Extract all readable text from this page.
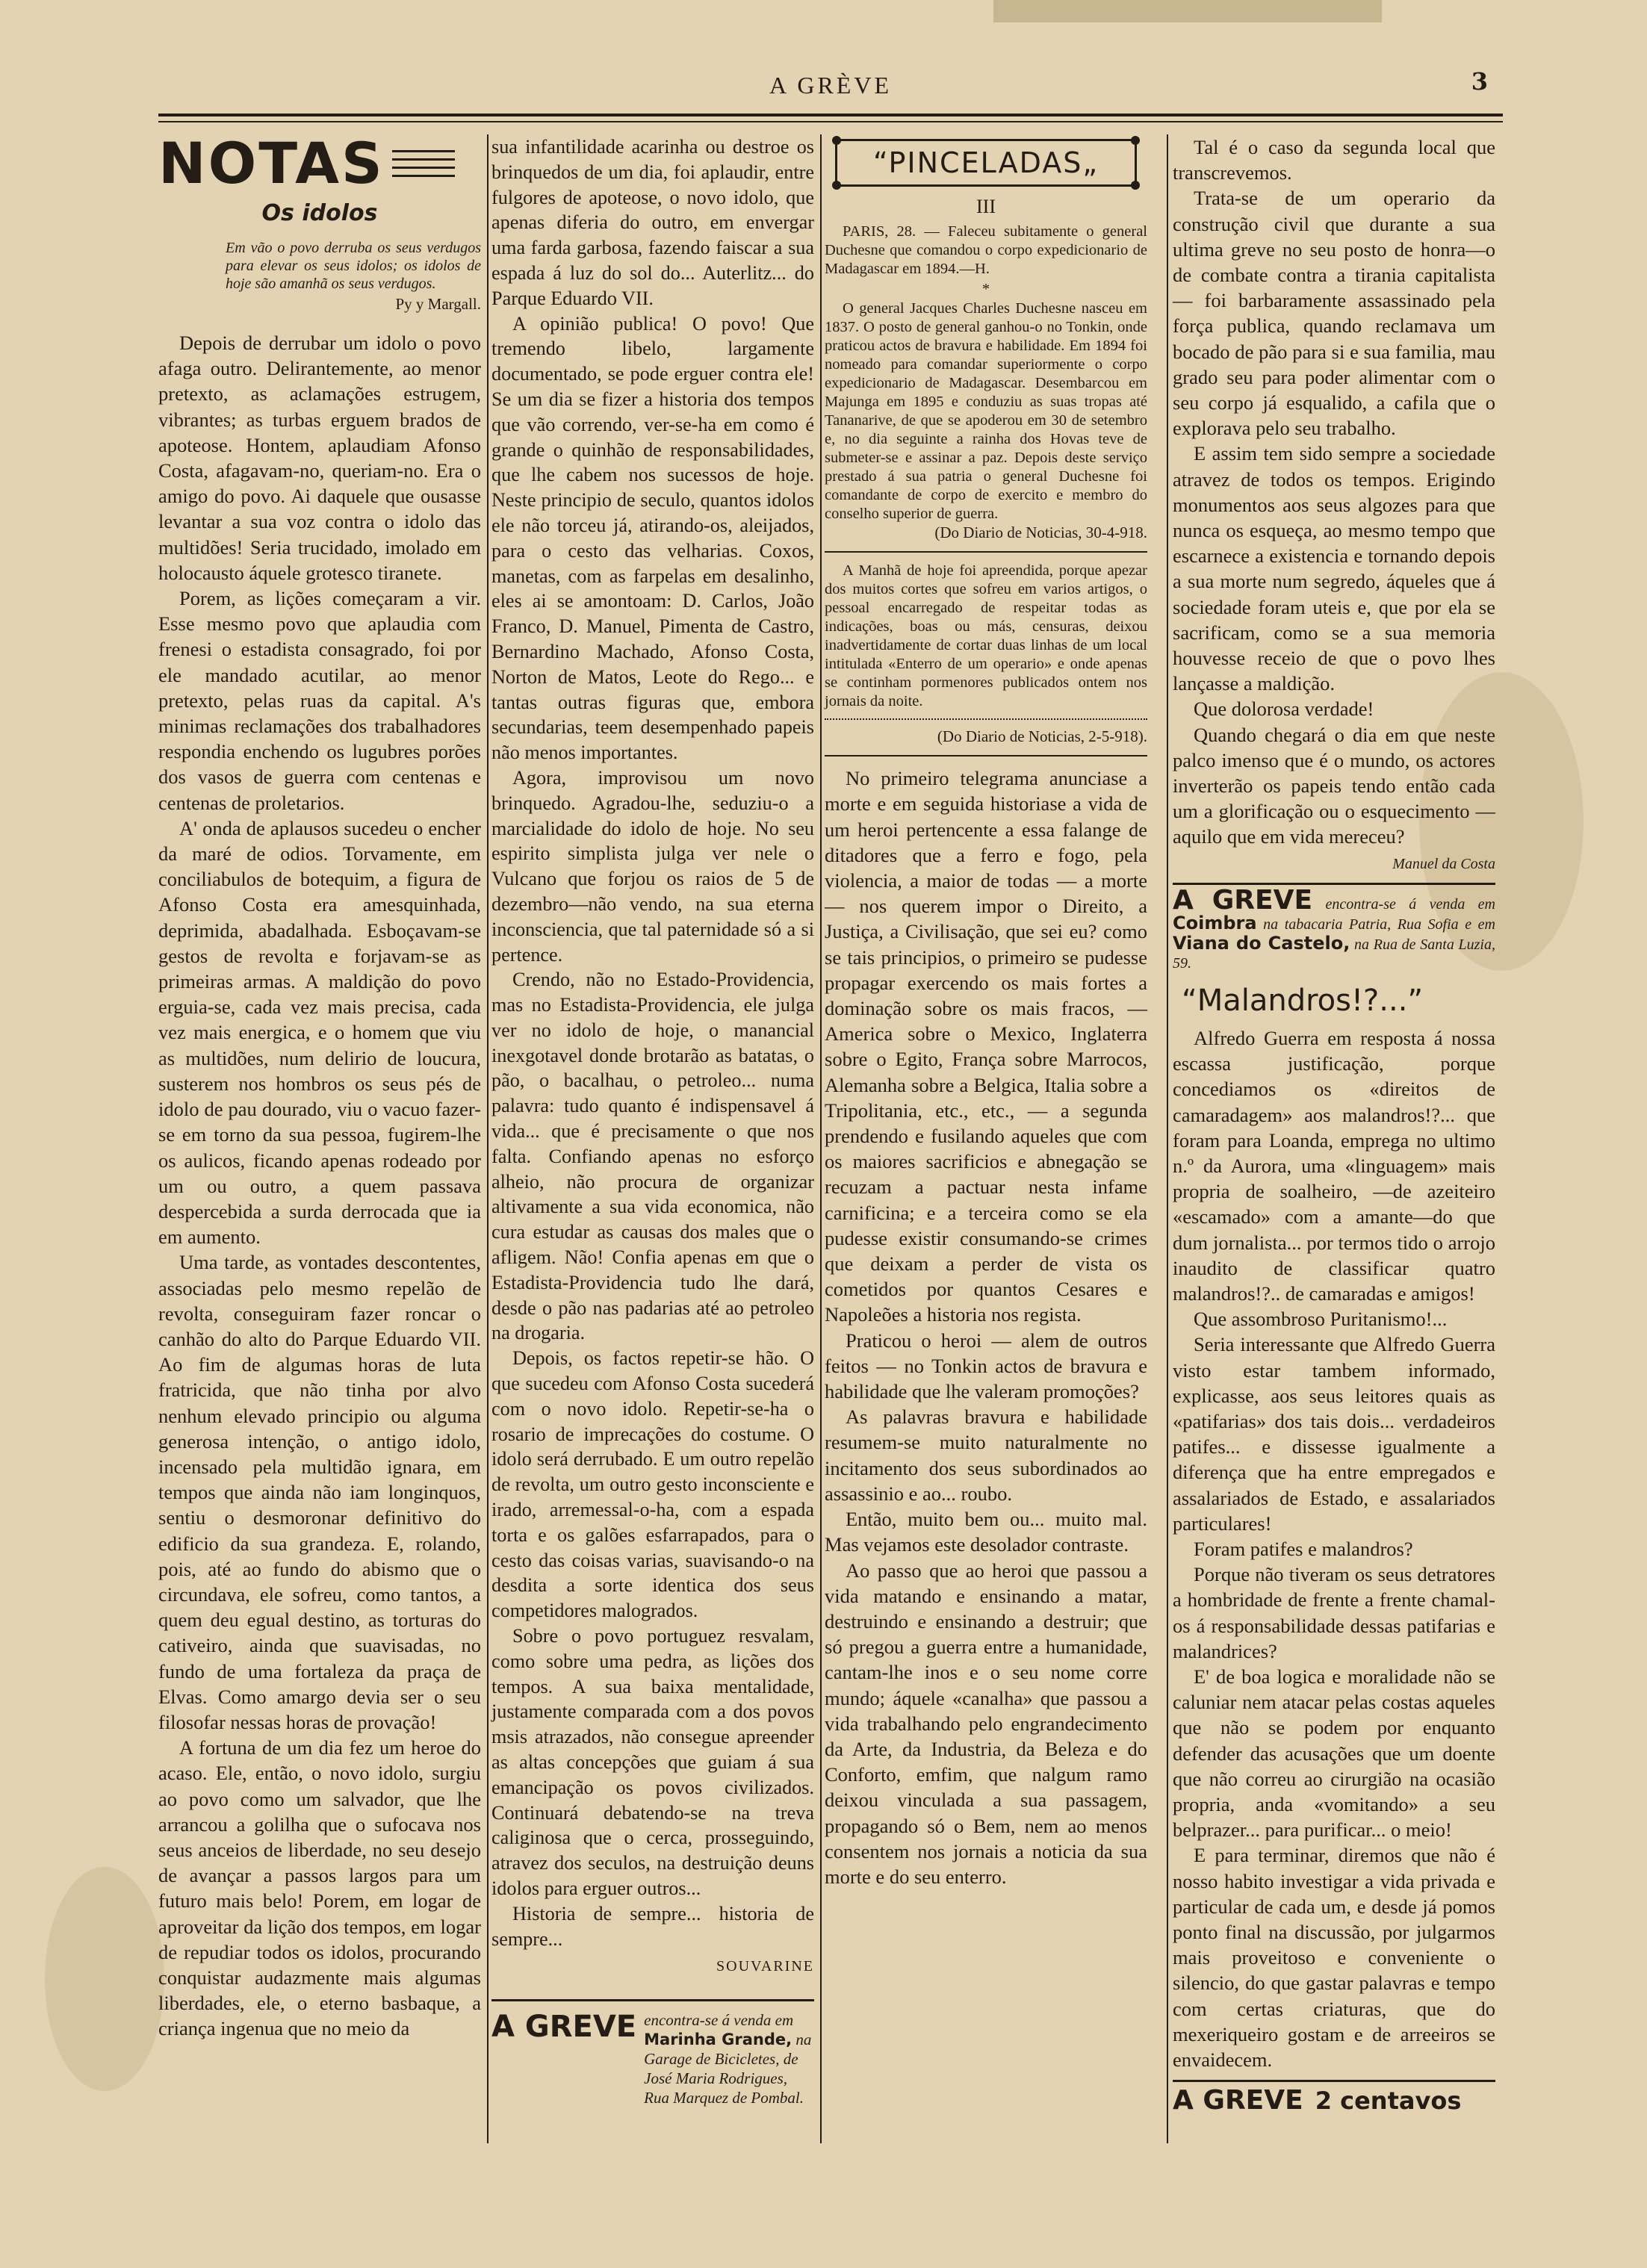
A GRÈVE	3
NOTAS
Os idolos

Em vão o povo derruba os seus verdugos para elevar os seus idolos; os idolos de hoje são amanhã os seus verdugos.

Py y Margall.

Depois de derrubar um idolo o povo afaga outro. Delirantemente, ao menor pretexto, as aclamações estrugem, vibrantes; as turbas erguem brados de apoteose. Hontem, aplaudiam Afonso Costa, afagavam-no, queriam-no. Era o amigo do povo. Ai daquele que ousasse levantar a sua voz contra o idolo das multidões! Seria trucidado, imolado em holocausto áquele grotesco tiranete.

Porem, as lições começaram a vir. Esse mesmo povo que aplaudia com frenesi o estadista consagrado, foi por ele mandado acutilar, ao menor pretexto, pelas ruas da capital. A's minimas reclamações dos trabalhadores respondia enchendo os lugubres porões dos vasos de guerra com centenas e centenas de proletarios.

A' onda de aplausos sucedeu o encher da maré de odios. Torvamente, em conciliabulos de botequim, a figura de Afonso Costa era amesquinhada, deprimida, abadalhada. Esboçavam-se gestos de revolta e forjavam-se as primeiras armas. A maldição do povo erguia-se, cada vez mais precisa, cada vez mais energica, e o homem que viu as multidões, num delirio de loucura, susterem nos hombros os seus pés de idolo de pau dourado, viu o vacuo fazer-se em torno da sua pessoa, fugirem-lhe os aulicos, ficando apenas rodeado por um ou outro, a quem passava despercebida a surda derrocada que ia em aumento.

Uma tarde, as vontades descontentes, associadas pelo mesmo repelão de revolta, conseguiram fazer roncar o canhão do alto do Parque Eduardo VII. Ao fim de algumas horas de luta fratricida, que não tinha por alvo nenhum elevado principio ou alguma generosa intenção, o antigo idolo, incensado pela multidão ignara, em tempos que ainda não iam longinquos, sentiu o desmoronar definitivo do edificio da sua grandeza. E, rolando, pois, até ao fundo do abismo que o circundava, ele sofreu, como tantos, a quem deu egual destino, as torturas do cativeiro, ainda que suavisadas, no fundo de uma fortaleza da praça de Elvas. Como amargo devia ser o seu filosofar nessas horas de provação!

A fortuna de um dia fez um heroe do acaso. Ele, então, o novo idolo, surgiu ao povo como um salvador, que lhe arrancou a golilha que o sufocava nos seus anceios de liberdade, no seu desejo de avançar a passos largos para um futuro mais belo! Porem, em logar de aproveitar da lição dos tempos, em logar de repudiar todos os idolos, procurando conquistar audazmente mais algumas liberdades, ele, o eterno basbaque, a criança ingenua que no meio da

sua infantilidade acarinha ou destroe os brinquedos de um dia, foi aplaudir, entre fulgores de apoteose, o novo idolo, que apenas diferia do outro, em envergar uma farda garbosa, fazendo faiscar a sua espada á luz do sol do... Auterlitz... do Parque Eduardo VII.

A opinião publica! O povo! Que tremendo libelo, largamente documentado, se pode erguer contra ele! Se um dia se fizer a historia dos tempos que vão correndo, ver-se-ha em como é grande o quinhão de responsabilidades, que lhe cabem nos sucessos de hoje. Neste principio de seculo, quantos idolos ele não torceu já, atirando-os, aleijados, para o cesto das velharias. Coxos, manetas, com as farpelas em desalinho, eles ai se amontoam: D. Carlos, João Franco, D. Manuel, Pimenta de Castro, Bernardino Machado, Afonso Costa, Norton de Matos, Leote do Rego... e tantas outras figuras que, embora secundarias, teem desempenhado papeis não menos importantes.

Agora, improvisou um novo brinquedo. Agradou-lhe, seduziu-o a marcialidade do idolo de hoje. No seu espirito simplista julga ver nele o Vulcano que forjou os raios de 5 de dezembro—não vendo, na sua eterna inconsciencia, que tal paternidade só a si pertence.

Crendo, não no Estado-Providencia, mas no Estadista-Providencia, ele julga ver no idolo de hoje, o manancial inexgotavel donde brotarão as batatas, o pão, o bacalhau, o petroleo... numa palavra: tudo quanto é indispensavel á vida... que é precisamente o que nos falta. Confiando apenas no esforço alheio, não procura de organizar altivamente a sua vida economica, não cura estudar as causas dos males que o afligem. Não! Confia apenas em que o Estadista-Providencia tudo lhe dará, desde o pão nas padarias até ao petroleo na drogaria.

Depois, os factos repetir-se hão. O que sucedeu com Afonso Costa sucederá com o novo idolo. Repetir-se-ha o rosario de imprecações do costume. O idolo será derrubado. E um outro repelão de revolta, um outro gesto inconsciente e irado, arremessal-o-ha, com a espada torta e os galões esfarrapados, para o cesto das coisas varias, suavisando-o na desdita a sorte identica dos seus competidores malogrados.

Sobre o povo portuguez resvalam, como sobre uma pedra, as lições dos tempos. A sua baixa mentalidade, justamente comparada com a dos povos msis atrazados, não consegue apreender as altas concepções que guiam á sua emancipação os povos civilizados. Continuará debatendo-se na treva caliginosa que o cerca, prosseguindo, atravez dos seculos, na destruição deuns idolos para erguer outros...

Historia de sempre... historia de sempre...

SOUVARINE

A GREVE encontra-se á venda em Marinha Grande, na Garage de Bicicletes, de José Maria Rodrigues, Rua Marquez de Pombal.
“PINCELADAS„

III

PARIS, 28. — Faleceu subitamente o general Duchesne que comandou o corpo expedicionario de Madagascar em 1894.—H.

*

O general Jacques Charles Duchesne nasceu em 1837. O posto de general ganhou-o no Tonkin, onde praticou actos de bravura e habilidade. Em 1894 foi nomeado para comandar superiormente o corpo expedicionario de Madagascar. Desembarcou em Majunga em 1895 e conduziu as suas tropas até Tananarive, de que se apoderou em 30 de setembro e, no dia seguinte a rainha dos Hovas teve de submeter-se e assinar a paz. Depois deste serviço prestado á sua patria o general Duchesne foi comandante de corpo de exercito e membro do conselho superior de guerra.

(Do Diario de Noticias, 30-4-918.

A Manhã de hoje foi apreendida, porque apezar dos muitos cortes que sofreu em varios artigos, o pessoal encarregado de respeitar todas as indicações, boas ou más, censuras, deixou inadvertidamente de cortar duas linhas de um local intitulada «Enterro de um operario» e onde apenas se continham pormenores publicados ontem nos jornais da noite.

(Do Diario de Noticias, 2-5-918).

No primeiro telegrama anunciase a morte e em seguida historiase a vida de um heroi pertencente a essa falange de ditadores que a ferro e fogo, pela violencia, a maior de todas — a morte — nos querem impor o Direito, a Justiça, a Civilisação, que sei eu? como se tais principios, o primeiro se pudesse propagar exercendo os mais fortes a dominação sobre os mais fracos, — America sobre o Mexico, Inglaterra sobre o Egito, França sobre Marrocos, Alemanha sobre a Belgica, Italia sobre a Tripolitania, etc., etc., — a segunda prendendo e fusilando aqueles que com os maiores sacrificios e abnegação se recuzam a pactuar nesta infame carnificina; e a terceira como se ela pudesse existir consumando-se crimes que deixam a perder de vista os cometidos por quantos Cesares e Napoleões a historia nos regista.

Praticou o heroi — alem de outros feitos — no Tonkin actos de bravura e habilidade que lhe valeram promoções?

As palavras bravura e habilidade resumem-se muito naturalmente no incitamento dos seus subordinados ao assassinio e ao... roubo.

Então, muito bem ou... muito mal. Mas vejamos este desolador contraste.

Ao passo que ao heroi que passou a vida matando e ensinando a matar, destruindo e ensinando a destruir; que só pregou a guerra entre a humanidade, cantam-lhe inos e o seu nome corre mundo; áquele «canalha» que passou a vida trabalhando pelo engrandecimento da Arte, da Industria, da Beleza e do Conforto, emfim, que nalgum ramo deixou vinculada a sua passagem, propagando só o Bem, nem ao menos consentem nos jornais a noticia da sua morte e do seu enterro.

Tal é o caso da segunda local que transcrevemos.

Trata-se de um operario da construção civil que durante a sua ultima greve no seu posto de honra—o de combate contra a tirania capitalista — foi barbaramente assassinado pela força publica, quando reclamava um bocado de pão para si e sua familia, mau grado seu para poder alimentar com o seu corpo já esqualido, a cafila que o explorava pelo seu trabalho.

E assim tem sido sempre a sociedade atravez de todos os tempos. Erigindo monumentos aos seus algozes para que nunca os esqueça, ao mesmo tempo que escarnece a existencia e tornando depois a sua morte num segredo, áqueles que á sociedade foram uteis e, que por ela se sacrificam, como se a sua memoria houvesse receio de que o povo lhes lançasse a maldição.

Que dolorosa verdade!

Quando chegará o dia em que neste palco imenso que é o mundo, os actores inverterão os papeis tendo então cada um a glorificação ou o esquecimento — aquilo que em vida mereceu?

Manuel da Costa

A GREVE encontra-se á venda em Coimbra na tabacaria Patria, Rua Sofia e em Viana do Castelo, na Rua de Santa Luzia, 59.

“Malandros!?...”

Alfredo Guerra em resposta á nossa escassa justificação, porque concediamos os «direitos de camaradagem» aos malandros!?... que foram para Loanda, emprega no ultimo n.º da Aurora, uma «linguagem» mais propria de soalheiro, —de azeiteiro «escamado» com a amante—do que dum jornalista... por termos tido o arrojo inaudito de classificar quatro malandros!?.. de camaradas e amigos!

Que assombroso Puritanismo!...

Seria interessante que Alfredo Guerra visto estar tambem informado, explicasse, aos seus leitores quais as «patifarias» dos tais dois... verdadeiros patifes... e dissesse igualmente a diferença que ha entre empregados e assalariados de Estado, e assalariados particulares!

Foram patifes e malandros?

Porque não tiveram os seus detratores a hombridade de frente a frente chamal-os á responsabilidade dessas patifarias e malandrices?

E' de boa logica e moralidade não se caluniar nem atacar pelas costas aqueles que não se podem por enquanto defender das acusações que um doente que não correu ao cirurgião na ocasião propria, anda «vomitando» a seu belprazer... para purificar... o meio!

E para terminar, diremos que não é nosso habito investigar a vida privada e particular de cada um, e desde já pomos ponto final na discussão, por julgarmos mais proveitoso e conveniente o silencio, do que gastar palavras e tempo com certas criaturas, que do mexeriqueiro gostam e de arreeiros se envaidecem.

A GREVE 2 centavos
